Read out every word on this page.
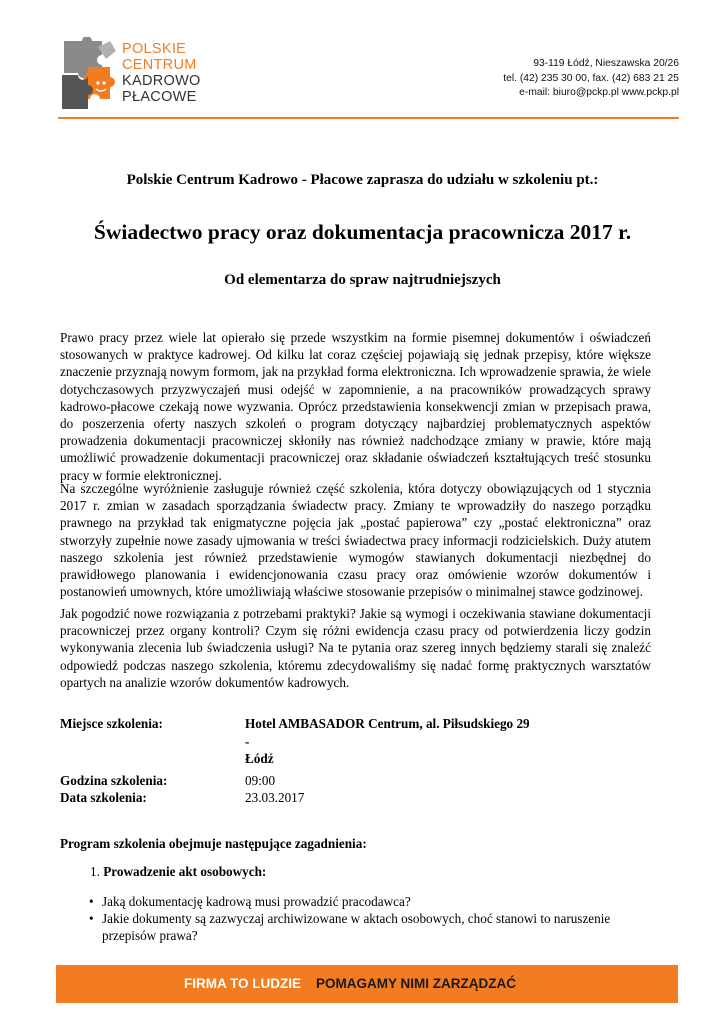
POLSKIE
CENTRUM
KADROWO
PŁACOWE
93-119 Łódź, Nieszawska 20/26
tel. (42) 235 30 00, fax. (42) 683 21 25
e-mail: biuro@pckp.pl www.pckp.pl
Polskie Centrum Kadrowo - Płacowe zaprasza do udziału w szkoleniu pt.:
Świadectwo pracy oraz dokumentacja pracownicza 2017 r.
Od elementarza do spraw najtrudniejszych
Prawo pracy przez wiele lat opierało się przede wszystkim na formie pisemnej dokumentów i oświadczeń stosowanych w praktyce kadrowej. Od kilku lat coraz częściej pojawiają się jednak przepisy, które większe znaczenie przyznają nowym formom, jak na przykład forma elektroniczna. Ich wprowadzenie sprawia, że wiele dotychczasowych przyzwyczajeń musi odejść w zapomnienie, a na pracowników prowadzących sprawy kadrowo-płacowe czekają nowe wyzwania. Oprócz przedstawienia konsekwencji zmian w przepisach prawa, do poszerzenia oferty naszych szkoleń o program dotyczący najbardziej problematycznych aspektów prowadzenia dokumentacji pracowniczej skłoniły nas również nadchodzące zmiany w prawie, które mają umożliwić prowadzenie dokumentacji pracowniczej oraz składanie oświadczeń kształtujących treść stosunku pracy w formie elektronicznej.
Na szczególne wyróżnienie zasługuje również część szkolenia, która dotyczy obowiązujących od 1 stycznia 2017 r. zmian w zasadach sporządzania świadectw pracy. Zmiany te wprowadziły do naszego porządku prawnego na przykład tak enigmatyczne pojęcia jak „postać papierowa” czy „postać elektroniczna” oraz stworzyły zupełnie nowe zasady ujmowania w treści świadectwa pracy informacji rodzicielskich. Duży atutem naszego szkolenia jest również przedstawienie wymogów stawianych dokumentacji niezbędnej do prawidłowego planowania i ewidencjonowania czasu pracy oraz omówienie wzorów dokumentów i postanowień umownych, które umożliwiają właściwe stosowanie przepisów o minimalnej stawce godzinowej.
Jak pogodzić nowe rozwiązania z potrzebami praktyki? Jakie są wymogi i oczekiwania stawiane dokumentacji pracowniczej przez organy kontroli? Czym się różni ewidencja czasu pracy od potwierdzenia liczy godzin wykonywania zlecenia lub świadczenia usługi? Na te pytania oraz szereg innych będziemy starali się znaleźć odpowiedź podczas naszego szkolenia, któremu zdecydowaliśmy się nadać formę praktycznych warsztatów opartych na analizie wzorów dokumentów kadrowych.
Miejsce szkolenia:	Hotel AMBASADOR Centrum, al. Piłsudskiego 29 -
Łódź

Godzina szkolenia:	09:00
Data szkolenia:	23.03.2017
Program szkolenia obejmuje następujące zagadnienia:
1. Prowadzenie akt osobowych:
• Jaką dokumentację kadrową musi prowadzić pracodawca?
• Jakie dokumenty są zazwyczaj archiwizowane w aktach osobowych, choć stanowi to naruszenie przepisów prawa?
FIRMA TO LUDZIE POMAGAMY NIMI ZARZĄDZAĆ
